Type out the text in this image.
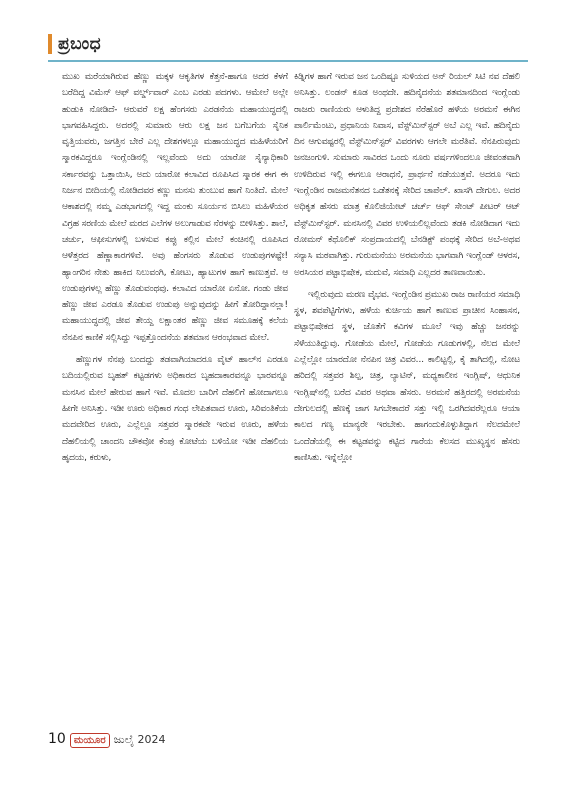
ಪ್ರಬಂಧ

ಮುಖ ಮರೆಯಾಗಿರುವ ಹೆಣ್ಣು ಮಕ್ಕಳ ಆಕೃತಿಗಳ ಕೆತ್ತನೆ-ಹಾಗೂ ಅದರ ಕೆಳಗೆ ಬರೆದಿದ್ದ ವಿಮೆನ್ ಆಫ್ ವರ್ಲ್ಡ್‌ವಾರ್ ಎಂಬ ಎರಡು ಪದಗಳು. ಆಮೇಲೆ ಅಲ್ಲೇ ಹುಡುಕಿ ನೋಡಿದೆ- ಆರುವರೆ ಲಕ್ಷ ಹೆಂಗಸರು ಎರಡನೆಯ ಮಹಾಯುದ್ಧದಲ್ಲಿ ಭಾಗವಹಿಸಿದ್ದರು. ಅದರಲ್ಲಿ ಸುಮಾರು ಆರು ಲಕ್ಷ ಜನ ಬಗೆಬಗೆಯ ಸೈನಿಕ ವೃತ್ತಿಯವರು, ಜಗತ್ತಿನ ಬೇರೆ ಎಲ್ಲ ದೇಶಗಳಲ್ಲೂ ಮಹಾಯುದ್ಧದ ಮಹಿಳೆಯರಿಗೆ ಸ್ಮಾರಕವಿದ್ದರೂ ಇಂಗ್ಲೆಂಡಿನಲ್ಲಿ ಇಲ್ಲವೆಂದು ಅದು ಯಾರೋ ಸೈನ್ಯಾಧಿಕಾರಿ ಸರ್ಕಾರವನ್ನು ಒತ್ತಾಯಿಸಿ, ಅದು ಯಾರೋ ಕಲಾವಿದ ರೂಪಿಸಿದ ಸ್ಮಾರಕ ಈಗ ಈ ನಿರ್ಜನ ಬೀದಿಯಲ್ಲಿ ನೋಡಿದವರ ಕಣ್ಣು ಮನಸು ತುಂಬುವ ಹಾಗೆ ನಿಂತಿದೆ. ಮೇಲೆ ಆಕಾಶದಲ್ಲಿ ನಮ್ಮ ಎಡಭಾಗದಲ್ಲಿ ಇದ್ದ ಮಂಕು ಸೂರ್ಯನ ಬಿಸಿಲು ಮಹಿಳೆಯರ ವಿಗ್ರಹ ಸರಣಿಯ ಮೇಲೆ ಮರದ ಎಲೆಗಳ ಅಲುಗಾಡುವ ನೆರಳನ್ನು ಬೀಳಿಸಿತ್ತು. ಶಾಲೆ, ಚರ್ಚು, ಆಫೀಸುಗಳಲ್ಲಿ ಬಳಸುವ ಕಪ್ಪು ಕಲ್ಲಿನ ಮೇಲೆ ಕಂಚಿನಲ್ಲಿ ರೂಪಿಸಿದ ಆಳೆತ್ತರದ ಹೆಣ್ಣಾಕಾರಗಳಿವೆ. ಅವು ಹೆಂಗಸರು ತೊಡುವ ಉಡುಪುಗಳಷ್ಟೇ! ಹ್ಯಾಂಗರಿನ ನೇತು ಹಾಕಿದ ನಿಲುವಂಗಿ, ಕೋಟು, ಹ್ಯಾಟುಗಳ ಹಾಗೆ ಕಾಣುತ್ತವೆ. ಆ ಉಡುಪುಗಳಲ್ಲ ಹೆಣ್ಣು ತೊಡುವಂಥವು. ಕಲಾವಿದ ಯಾರೋ ಏನೋ. ಗಂಡು ಜೀವ ಹೆಣ್ಣು ಜೀವ ಎರಡೂ ತೊಡುವ ಉಡುಪು ಅನ್ನುವುದನ್ನು ಹೀಗೆ ತೋರಿದ್ದಾನಲ್ಲಾ! ಮಹಾಯುದ್ಧದಲ್ಲಿ ಜೀವ ತೇಯ್ದ ಲಕ್ಷಾಂತರ ಹೆಣ್ಣು ಜೀವ ಸಮೂಹಕ್ಕೆ ಕಲೆಯ ನೆನಪಿನ ಕಾಣಿಕೆ ಸಲ್ಲಿಸಿದ್ದು ಇಪ್ಪತ್ತೊಂದನೆಯ ಶತಮಾನ ಆರಂಭವಾದ ಮೇಲೆ.

ಹೆಣ್ಣುಗಳ ನೆನಪು ಬಂದದ್ದು ತಡವಾಗಿಯಾದರೂ ವೈಟ್ ಹಾಲ್‌ನ ಎರಡೂ ಬದಿಯಲ್ಲಿರುವ ಬೃಹತ್ ಕಟ್ಟಡಗಳು ಅಧಿಕಾರದ ಬೃಹದಾಕಾರವನ್ನೂ ಭಾರವನ್ನೂ ಮನಸಿನ ಮೇಲೆ ಹೇರುವ ಹಾಗೆ ಇವೆ. ಮೊದಲ ಬಾರಿಗೆ ದೆಹಲಿಗೆ ಹೋದಾಗಲೂ ಹೀಗೇ ಅನಿಸಿತ್ತು. ಇಡೀ ಊರು ಅಧಿಕಾರ ಗಂಧ ಲೇಪಿತವಾದ ಊರು, ಸಿರಿವಂತಿಕೆಯ ಮದವೇರಿದ ಊರು, ಎಲ್ಲೆಲ್ಲೂ ಸತ್ತವರ ಸ್ಮಾರಕವೇ ಇರುವ ಊರು, ಹಳೆಯ ದೆಹಲಿಯಲ್ಲಿ ಚಾಂದನಿ ಚೌಕವೋ ಕೆಂಪು ಕೋಟೆಯ ಬಳಿಯೋ ಇಡೀ ದೆಹಲಿಯ ಹೃದಯ, ಕರುಳು,

ಕಿಡ್ನಿಗಳ ಹಾಗೆ ಇರುವ ಜನ ಒಂದಿಷ್ಟೂ ಸುಳಿಯದ ಅನ್ ರಿಯಲ್ ಸಿಟಿ ನವ ದೆಹಲಿ ಅನಿಸಿತ್ತು. ಲಂಡನ್ ಕೂಡ ಅಂಥದೇ. ಹದಿನೈದನೆಯ ಶತಮಾನದಿಂದ ಇಂಗ್ಲೆಂಡು ರಾಜರು ರಾಣಿಯರು ಆಳುತಿದ್ದ ಪ್ರದೇಶದ ನೆರೆಹೊರೆ ಹಳೆಯ ಅರಮನೆ ಈಗಿನ ಪಾರ್ಲಿಮೆಂಟು, ಪ್ರಧಾನಿಯ ನಿವಾಸ, ವೆಸ್ಟ್‌ಮಿನ್‌ಸ್ಟರ್ ಅಬೆ ಎಲ್ಲ ಇವೆ. ಹದಿನೈದು ದಿನ ಆಗುವಷ್ಟರಲ್ಲಿ ವೆಸ್ಟ್‌ಮಿನ್‌ಸ್ಟರ್ ವಿವರಗಳು ಆಗಲೇ ಮರೆತಿವೆ. ನೆನಪಿರುವುದು ಜನಜಂಗುಳಿ. ಸುಮಾರು ಸಾವಿರದ ಒಂದು ನೂರು ವರ್ಷಗಳಿಂದಲೂ ಜೀವಂತವಾಗಿ ಉಳಿದಿರುವ ಇಲ್ಲಿ ಈಗಲೂ ಆರಾಧನೆ, ಪ್ರಾರ್ಥನೆ ನಡೆಯುತ್ತವೆ. ಅದರೂ ಇದು ಇಂಗ್ಲೆಂಡಿನ ರಾಜಮನೆತನದ ಒಡೆತನಕ್ಕೆ ಸೇರಿದ ಚಾಪೆಲ್. ಖಾಸಗಿ ದೇಗುಲ. ಅದರ ಅಧಿಕೃತ ಹೆಸರು ಮಾತ್ರ ಕೊಲಿಜಿಯೇಟ್ ಚರ್ಚ್ ಆಫ್ ಸೇಂಟ್ ಪೀಟರ್ ಆಟ್ ವೆಸ್ಟ್‌ಮಿನ್‌ಸ್ಟರ್. ಮನಸಿನಲ್ಲಿ ವಿವರ ಉಳಿಯಲಿಲ್ಲವೆಂದು ತಡಕಿ ನೋಡಿದಾಗ ಇದು ರೋಮನ್ ಕೆಥೊಲಿಕ್ ಸಂಪ್ರದಾಯದಲ್ಲಿ ಬೆನಡಿಕ್ಟ್ ಪಂಥಕ್ಕೆ ಸೇರಿದ ಅಬೆ-ಅಥವ ಸನ್ಯಾಸಿ ಮಠವಾಗಿತ್ತು. ಗುರುಮನೆಯು ಅರಮನೆಯ ಭಾಗವಾಗಿ ಇಂಗ್ಲೆಂಡ್ ಆಳರಸ, ಅರಸಿಯರ ಪಟ್ಟಾಭಿಷೇಕ, ಮದುವೆ, ಸಮಾಧಿ ಎಲ್ಲದರ ತಾಣವಾಯಿತು.

ಇಲ್ಲಿರುವುದು ಮರಣ ವೈಭವ. ಇಂಗ್ಲೆಂಡಿನ ಪ್ರಮುಖ ರಾಜ ರಾಣಿಯರ ಸಮಾಧಿ ಸ್ಥಳ, ಶವಪೆಟ್ಟಿಗೆಗಳು, ಹಳೆಯ ಕುರ್ಚಿಯ ಹಾಗೆ ಕಾಣುವ ಪ್ರಾಚೀನ ಸಿಂಹಾಸನ, ಪಟ್ಟಾಭಿಷೇಕದ ಸ್ಥಳ, ಜೊತೆಗೆ ಕವಿಗಳ ಮೂಲೆ ಇವು ಹೆಚ್ಚು ಜನರನ್ನು ಸೆಳೆಯುತಿದ್ದುವು. ಗೋಡೆಯ ಮೇಲೆ, ಗೋಡೆಯ ಗೂಡುಗಳಲ್ಲಿ, ನೆಲದ ಮೇಲೆ ಎಲ್ಲೆಲ್ಲೋ ಯಾರದೋ ನೆನಪಿನ ಚಿತ್ರ ವಿವರ... ಕಾಲಿಟ್ಟಲ್ಲಿ, ಕೈ ತಾಗಿದಲ್ಲಿ, ನೋಟ ಹರಿದಲ್ಲಿ ಸತ್ತವರ ಶಿಲ್ಪ, ಚಿತ್ರ, ಲ್ಯಾಟಿನ್, ಮಧ್ಯಕಾಲೀನ ಇಂಗ್ಲಿಷ್, ಆಧುನಿಕ ಇಂಗ್ಲಿಷ್‌ನಲ್ಲಿ ಬರೆದ ವಿವರ ಅಥವಾ ಹೆಸರು. ಅರಮನೆ ಹತ್ತಿರದಲ್ಲಿ ಅರಮನೆಯ ದೇಗುಲದಲ್ಲಿ ಹೆಣಕ್ಕೆ ಜಾಗ ಸಿಗಬೇಕಾದರೆ ಸತ್ತು ಇಲ್ಲಿ ಒರಗಿದವರೆಲ್ಲರೂ ಆಯಾ ಕಾಲದ ಗಣ್ಯ ಮಾನ್ಯರೇ ಇರಬೇಕು. ಹಾಗಂದುಕೊಳ್ಳುತಿದ್ದಾಗ ನೆಲದಮೇಲೆ ಒಂದೆಡೆಯಲ್ಲಿ ಈ ಕಟ್ಟಡವನ್ನು ಕಟ್ಟಿದ ಗಾರೆಯ ಕೆಲಸದ ಮುಖ್ಯಸ್ಥನ ಹೆಸರು ಕಾಣಿಸಿತು. ಇನ್ನೆಲ್ಲೋ

10 ಮಯೂರ ಜುಲೈ 2024
